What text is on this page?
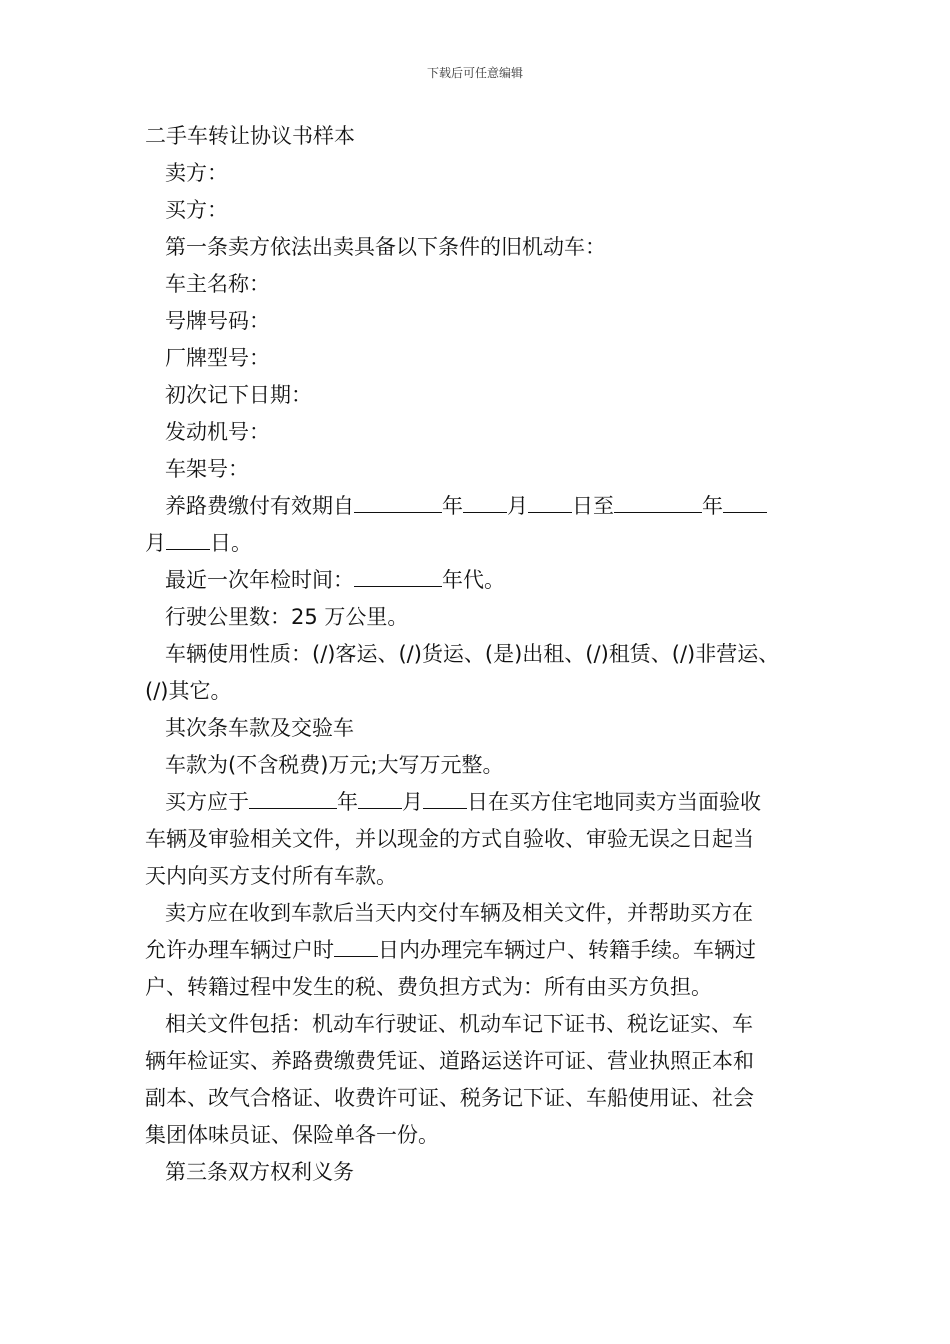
下载后可任意编辑
二手车转让协议书样本
卖方：
买方：
第一条卖方依法出卖具备以下条件的旧机动车：
车主名称：
号牌号码：
厂牌型号：
初次记下日期：
发动机号：
车架号：
养路费缴付有效期自	年 月 日至	年
月 日。
最近一次年检时间：	年代。
行驶公里数：25 万公里。
车辆使用性质：(/)客运、(/)货运、(是)出租、(/)租赁、(/)非营运、
(/)其它。
其次条车款及交验车
车款为(不含税费)万元;大写万元整。
买方应于	年 月 日在买方住宅地同卖方当面验收
车辆及审验相关文件，并以现金的方式自验收、审验无误之日起当
天内向买方支付所有车款。
卖方应在收到车款后当天内交付车辆及相关文件，并帮助买方在
允许办理车辆过户时 日内办理完车辆过户、转籍手续。车辆过
户、转籍过程中发生的税、费负担方式为：所有由买方负担。
相关文件包括：机动车行驶证、机动车记下证书、税讫证实、车
辆年检证实、养路费缴费凭证、道路运送许可证、营业执照正本和
副本、改气合格证、收费许可证、税务记下证、车船使用证、社会
集团体味员证、保险单各一份。
第三条双方权利义务
